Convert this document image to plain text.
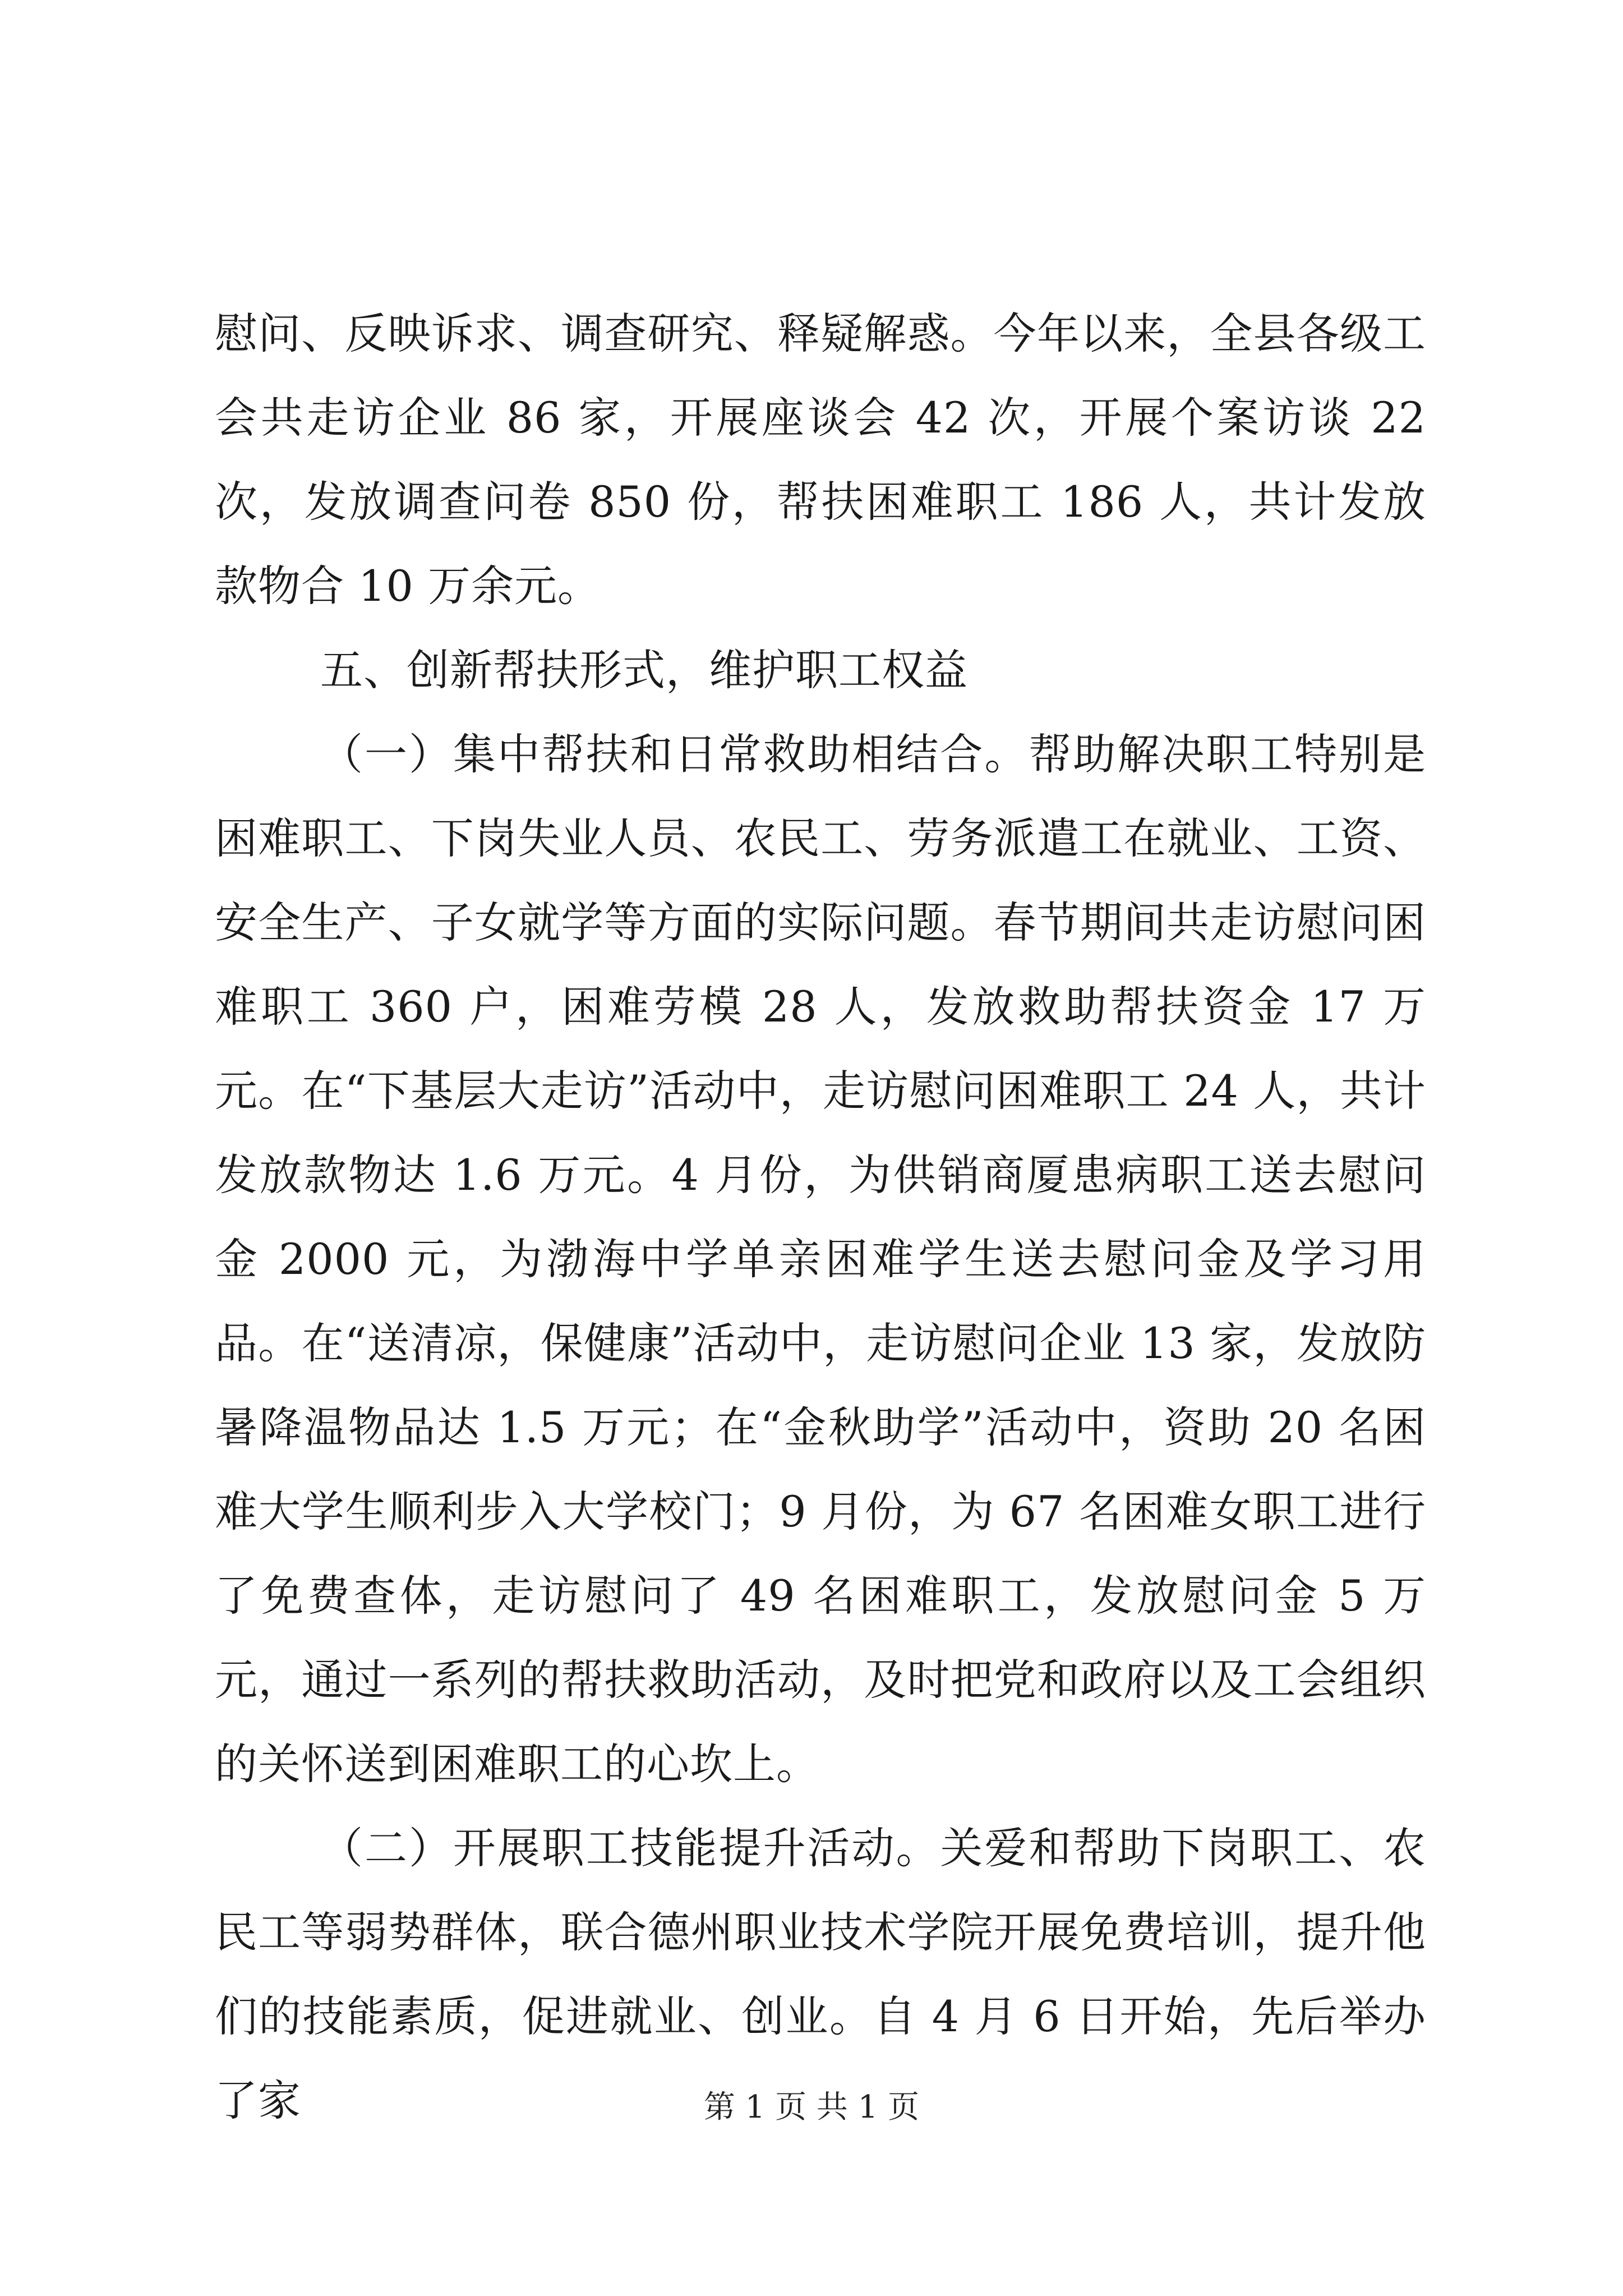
慰问、反映诉求、调查研究、释疑解惑。今年以来，全县各级工会共走访企业 86 家，开展座谈会 42 次，开展个案访谈 22 次，发放调查问卷 850 份，帮扶困难职工 186 人，共计发放款物合 10 万余元。

五、创新帮扶形式，维护职工权益

（一）集中帮扶和日常救助相结合。帮助解决职工特别是困难职工、下岗失业人员、农民工、劳务派遣工在就业、工资、安全生产、子女就学等方面的实际问题。春节期间共走访慰问困难职工 360 户，困难劳模 28 人，发放救助帮扶资金 17 万元。在“下基层大走访”活动中，走访慰问困难职工 24 人，共计发放款物达 1.6 万元。4 月份，为供销商厦患病职工送去慰问金 2000 元，为渤海中学单亲困难学生送去慰问金及学习用品。在“送清凉，保健康”活动中，走访慰问企业 13 家，发放防暑降温物品达 1.5 万元；在“金秋助学”活动中，资助 20 名困难大学生顺利步入大学校门；9 月份，为 67 名困难女职工进行了免费查体，走访慰问了 49 名困难职工，发放慰问金 5 万元，通过一系列的帮扶救助活动，及时把党和政府以及工会组织的关怀送到困难职工的心坎上。

（二）开展职工技能提升活动。关爱和帮助下岗职工、农民工等弱势群体，联合德州职业技术学院开展免费培训，提升他们的技能素质，促进就业、创业。自 4 月 6 日开始，先后举办了家	第 1 页 共 1 页
